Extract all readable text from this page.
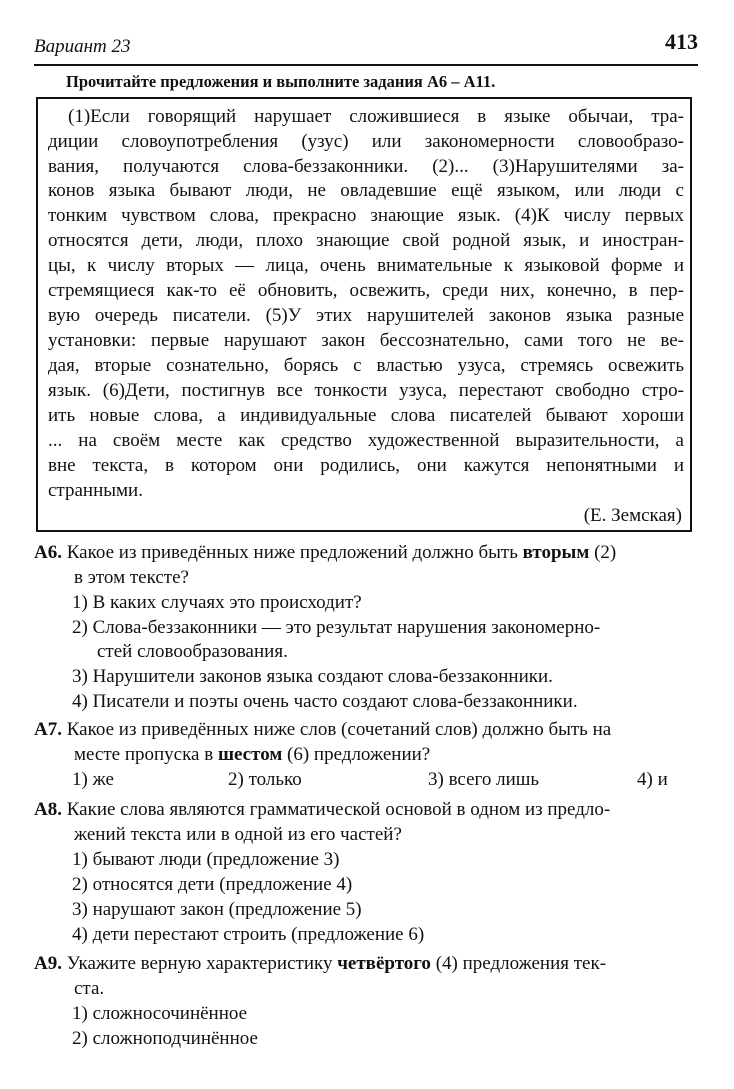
Вариант 23	413
Прочитайте предложения и выполните задания А6 – А11.
(1)Если говорящий нарушает сложившиеся в языке обычаи, тра-
диции словоупотребления (узус) или закономерности словообразо-
вания, получаются слова-беззаконники. (2)... (3)Нарушителями за-
конов языка бывают люди, не овладевшие ещё языком, или люди с
тонким чувством слова, прекрасно знающие язык. (4)К числу первых
относятся дети, люди, плохо знающие свой родной язык, и иностран-
цы, к числу вторых — лица, очень внимательные к языковой форме и
стремящиеся как-то её обновить, освежить, среди них, конечно, в пер-
вую очередь писатели. (5)У этих нарушителей законов языка разные
установки: первые нарушают закон бессознательно, сами того не ве-
дая, вторые сознательно, борясь с властью узуса, стремясь освежить
язык. (6)Дети, постигнув все тонкости узуса, перестают свободно стро-
ить новые слова, а индивидуальные слова писателей бывают хороши
... на своём месте как средство художественной выразительности, а
вне текста, в котором они родились, они кажутся непонятными и
странными.
(Е. Земская)
А6. Какое из приведённых ниже предложений должно быть вторым (2)
в этом тексте?
1) В каких случаях это происходит?
2) Слова-беззаконники — это результат нарушения закономерно-
стей словообразования.
3) Нарушители законов языка создают слова-беззаконники.
4) Писатели и поэты очень часто создают слова-беззаконники.
А7. Какое из приведённых ниже слов (сочетаний слов) должно быть на
месте пропуска в шестом (6) предложении?
1) же	2) только	3) всего лишь	4) и
А8. Какие слова являются грамматической основой в одном из предло-
жений текста или в одной из его частей?
1) бывают люди (предложение 3)
2) относятся дети (предложение 4)
3) нарушают закон (предложение 5)
4) дети перестают строить (предложение 6)
А9. Укажите верную характеристику четвёртого (4) предложения тек-
ста.
1) сложносочинённое
2) сложноподчинённое
